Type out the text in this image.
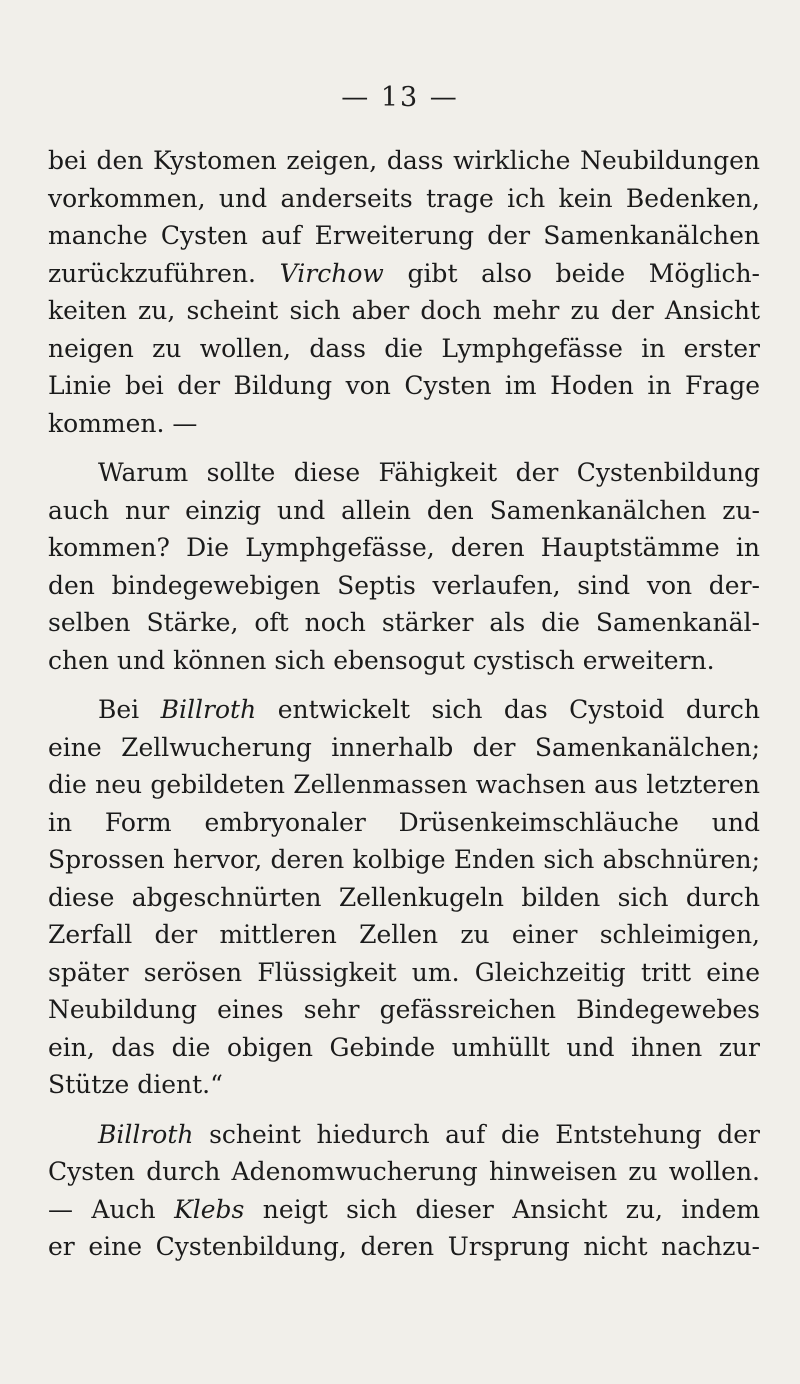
— 13 —
bei den Kystomen zeigen, dass wirkliche Neubildungen
vorkommen, und anderseits trage ich kein Bedenken,
manche Cysten auf Erweiterung der Samenkanälchen
zurückzuführen. Virchow gibt also beide Möglich-
keiten zu, scheint sich aber doch mehr zu der Ansicht
neigen zu wollen, dass die Lymphgefässe in erster
Linie bei der Bildung von Cysten im Hoden in Frage
kommen. —
Warum sollte diese Fähigkeit der Cystenbildung
auch nur einzig und allein den Samenkanälchen zu-
kommen? Die Lymphgefässe, deren Hauptstämme in
den bindegewebigen Septis verlaufen, sind von der-
selben Stärke, oft noch stärker als die Samenkanäl-
chen und können sich ebensogut cystisch erweitern.
Bei Billroth entwickelt sich das Cystoid durch
eine Zellwucherung innerhalb der Samenkanälchen;
die neu gebildeten Zellenmassen wachsen aus letzteren
in Form embryonaler Drüsenkeimschläuche und
Sprossen hervor, deren kolbige Enden sich abschnüren;
diese abgeschnürten Zellenkugeln bilden sich durch
Zerfall der mittleren Zellen zu einer schleimigen,
später serösen Flüssigkeit um. Gleichzeitig tritt eine
Neubildung eines sehr gefässreichen Bindegewebes
ein, das die obigen Gebinde umhüllt und ihnen zur
Stütze dient.“
Billroth scheint hiedurch auf die Entstehung der
Cysten durch Adenomwucherung hinweisen zu wollen.
— Auch Klebs neigt sich dieser Ansicht zu, indem
er eine Cystenbildung, deren Ursprung nicht nachzu-
